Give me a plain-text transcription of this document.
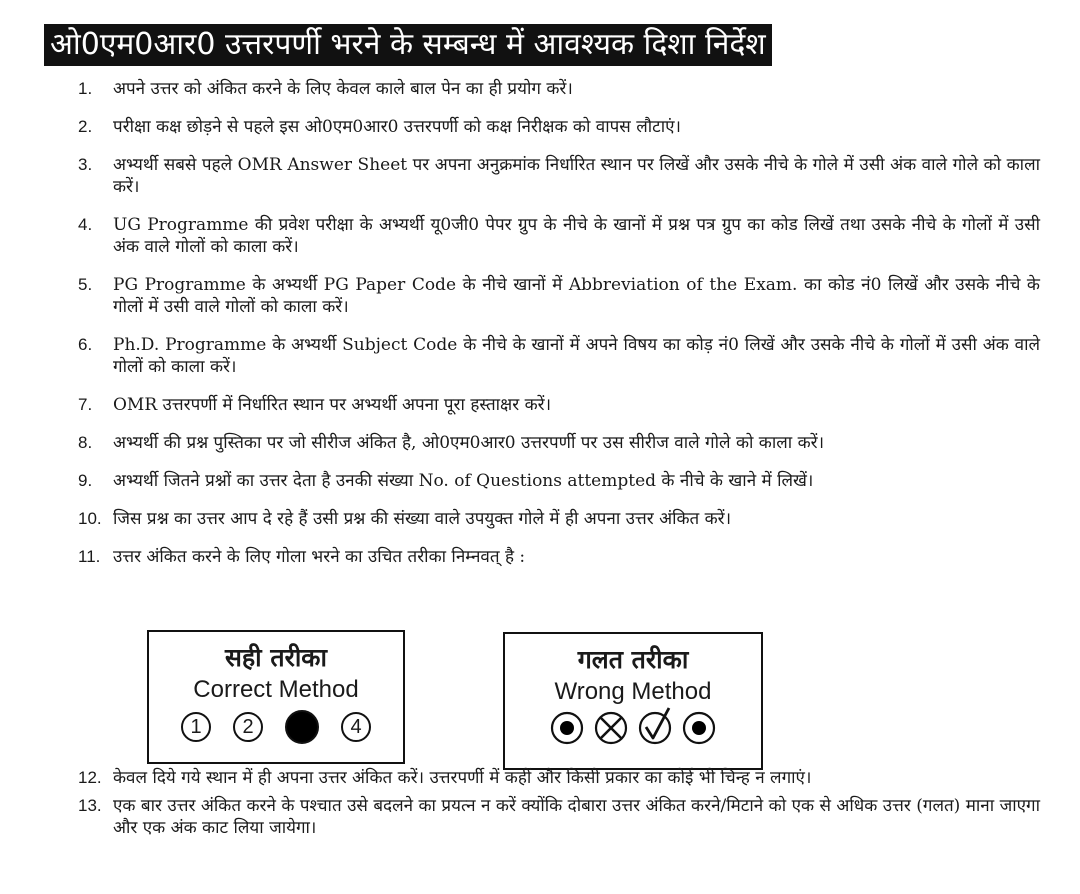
ओ0एम0आर0 उत्तरपर्णी भरने के सम्बन्ध में आवश्यक दिशा निर्देश
1.	अपने उत्तर को अंकित करने के लिए केवल काले बाल पेन का ही प्रयोग करें।
2.	परीक्षा कक्ष छोड़ने से पहले इस ओ0एम0आर0 उत्तरपर्णी को कक्ष निरीक्षक को वापस लौटाएं।
3.	अभ्यर्थी सबसे पहले OMR Answer Sheet पर अपना अनुक्रमांक निर्धारित स्थान पर लिखें और उसके नीचे के गोले में उसी अंक वाले गोले को काला करें।
4.	UG Programme की प्रवेश परीक्षा के अभ्यर्थी यू0जी0 पेपर ग्रुप के नीचे के खानों में प्रश्न पत्र ग्रुप का कोड लिखें तथा उसके नीचे के गोलों में उसी अंक वाले गोलों को काला करें।
5.	PG Programme के अभ्यर्थी PG Paper Code के नीचे खानों में Abbreviation of the Exam. का कोड नं0 लिखें और उसके नीचे के गोलों में उसी वाले गोलों को काला करें।
6.	Ph.D. Programme के अभ्यर्थी Subject Code के नीचे के खानों में अपने विषय का कोड़ नं0 लिखें और उसके नीचे के गोलों में उसी अंक वाले गोलों को काला करें।
7.	OMR उत्तरपर्णी में निर्धारित स्थान पर अभ्यर्थी अपना पूरा हस्ताक्षर करें।
8.	अभ्यर्थी की प्रश्न पुस्तिका पर जो सीरीज अंकित है, ओ0एम0आर0 उत्तरपर्णी पर उस सीरीज वाले गोले को काला करें।
9.	अभ्यर्थी जितने प्रश्नों का उत्तर देता है उनकी संख्या No. of Questions attempted के नीचे के खाने में लिखें।
10. जिस प्रश्न का उत्तर आप दे रहे हैं उसी प्रश्न की संख्या वाले उपयुक्त गोले में ही अपना उत्तर अंकित करें।
11. उत्तर अंकित करने के लिए गोला भरने का उचित तरीका निम्नवत् है :
सही तरीका
Correct Method
1	2	4
गलत तरीका
Wrong Method
12. केवल दिये गये स्थान में ही अपना उत्तर अंकित करें। उत्तरपर्णी में कहीं और किसी प्रकार का कोई भी चिन्ह न लगाएं।
13. एक बार उत्तर अंकित करने के पश्चात उसे बदलने का प्रयत्न न करें क्योंकि दोबारा उत्तर अंकित करने/मिटाने को एक से अधिक उत्तर (गलत) माना जाएगा और एक अंक काट लिया जायेगा।
